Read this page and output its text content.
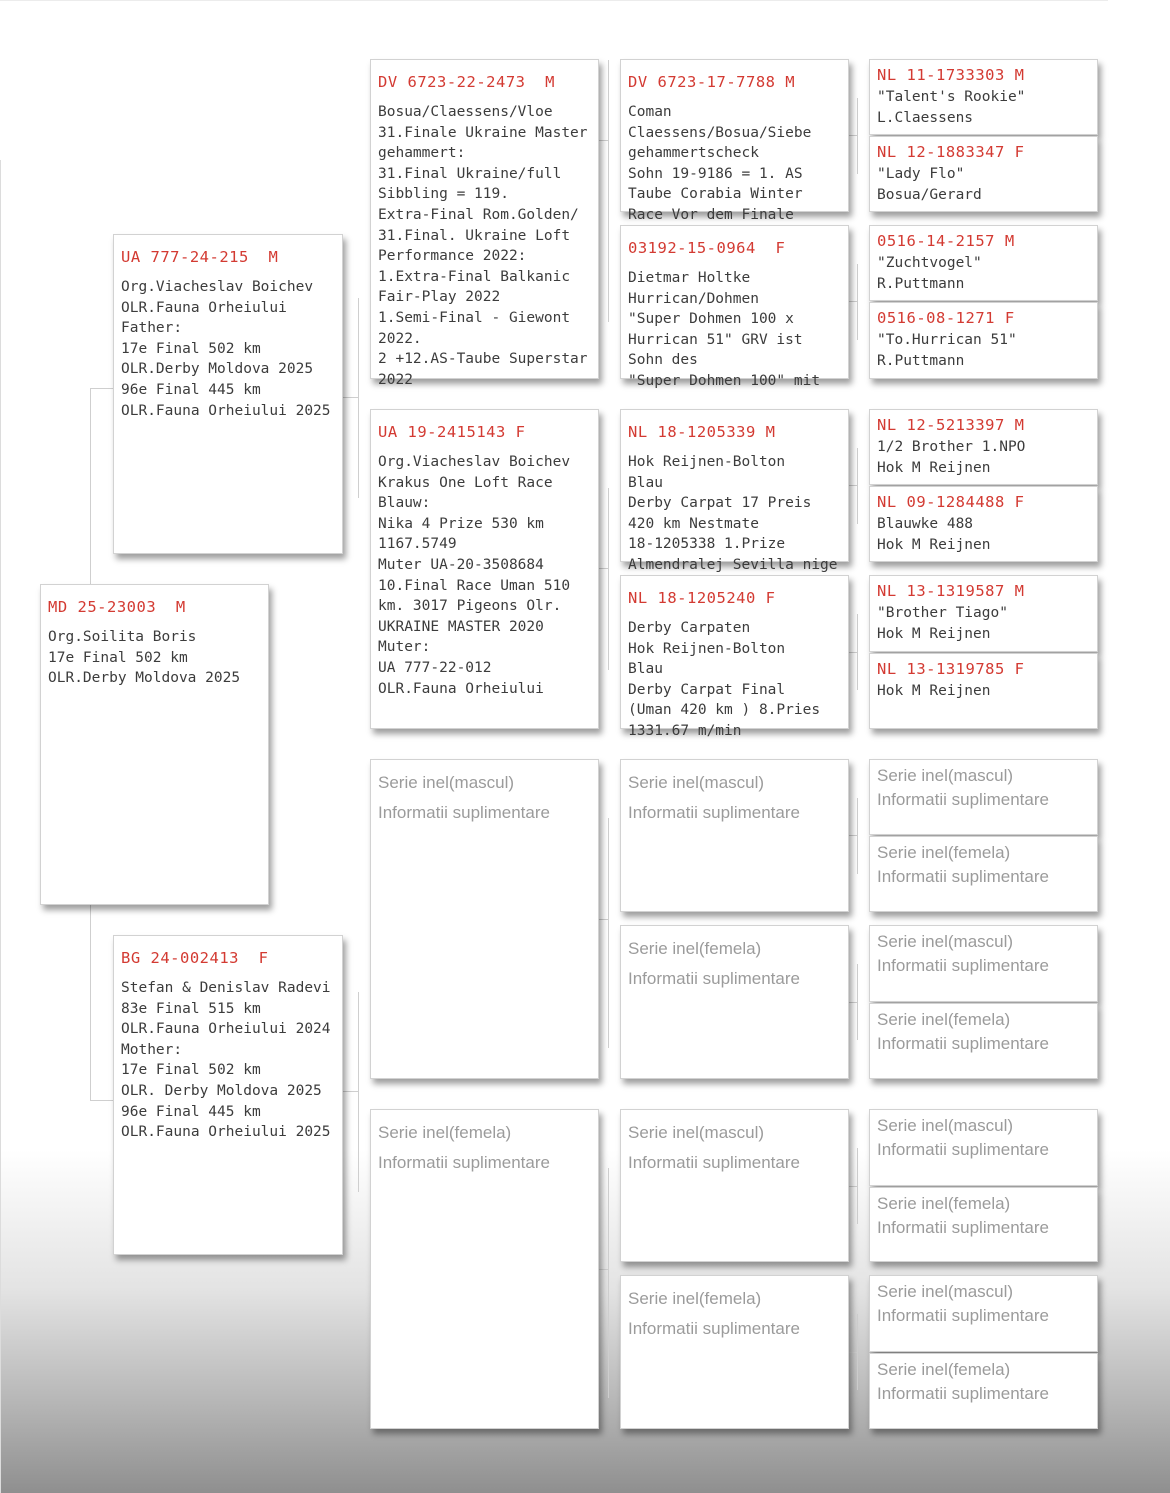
MD 25-23003  M
Org.Soilita Boris
17e Final 502 km
OLR.Derby Moldova 2025
UA 777-24-215  M
Org.Viacheslav Boichev
OLR.Fauna Orheiului
Father:
17e Final 502 km
OLR.Derby Moldova 2025
96e Final 445 km
OLR.Fauna Orheiului 2025
BG 24-002413  F
Stefan & Denislav Radevi
83e Final 515 km
OLR.Fauna Orheiului 2024
Mother:
17e Final 502 km
OLR. Derby Moldova 2025
96e Final 445 km
OLR.Fauna Orheiului 2025
DV 6723-22-2473  M
Bosua/Claessens/Vloe
31.Finale Ukraine Master
gehammert:
31.Final Ukraine/full
Sibbling = 119.
Extra-Final Rom.Golden/
31.Final. Ukraine Loft
Performance 2022:
1.Extra-Final Balkanic
Fair-Play 2022
1.Semi-Final - Giewont
2022.
2 +12.AS-Taube Superstar
2022
UA 19-2415143 F
Org.Viacheslav Boichev
Krakus One Loft Race
Blauw:
Nika 4 Prize 530 km
1167.5749
Muter UA-20-3508684
10.Final Race Uman 510
km. 3017 Pigeons Olr.
UKRAINE MASTER 2020
Muter:
UA 777-22-012
OLR.Fauna Orheiului
Serie inel(mascul)
Informatii suplimentare
Serie inel(femela)
Informatii suplimentare
DV 6723-17-7788 M
Coman
Claessens/Bosua/Siebe
gehammertscheck
Sohn 19-9186 = 1. AS
Taube Corabia Winter
Race Vor dem Finale
03192-15-0964  F
Dietmar Holtke
Hurrican/Dohmen
"Super Dohmen 100 x
Hurrican 51" GRV ist
Sohn des
"Super Dohmen 100" mit
NL 18-1205339 M
Hok Reijnen-Bolton
Blau
Derby Carpat 17 Preis
420 km Nestmate
18-1205338 1.Prize
Almendralej Sevilla nige
NL 18-1205240 F
Derby Carpaten
Hok Reijnen-Bolton
Blau
Derby Carpat Final
(Uman 420 km ) 8.Pries
1331.67 m/min
Serie inel(mascul)
Informatii suplimentare
Serie inel(femela)
Informatii suplimentare
Serie inel(mascul)
Informatii suplimentare
Serie inel(femela)
Informatii suplimentare
NL 11-1733303 M
"Talent's Rookie"
L.Claessens
NL 12-1883347 F
"Lady Flo"
Bosua/Gerard
0516-14-2157 M
"Zuchtvogel"
R.Puttmann
0516-08-1271 F
"To.Hurrican 51"
R.Puttmann
NL 12-5213397 M
1/2 Brother 1.NPO
Hok M Reijnen
NL 09-1284488 F
Blauwke 488
Hok M Reijnen
NL 13-1319587 M
"Brother Tiago"
Hok M Reijnen
NL 13-1319785 F
Hok M Reijnen
Serie inel(mascul)
Informatii suplimentare
Serie inel(femela)
Informatii suplimentare
Serie inel(mascul)
Informatii suplimentare
Serie inel(femela)
Informatii suplimentare
Serie inel(mascul)
Informatii suplimentare
Serie inel(femela)
Informatii suplimentare
Serie inel(mascul)
Informatii suplimentare
Serie inel(femela)
Informatii suplimentare
